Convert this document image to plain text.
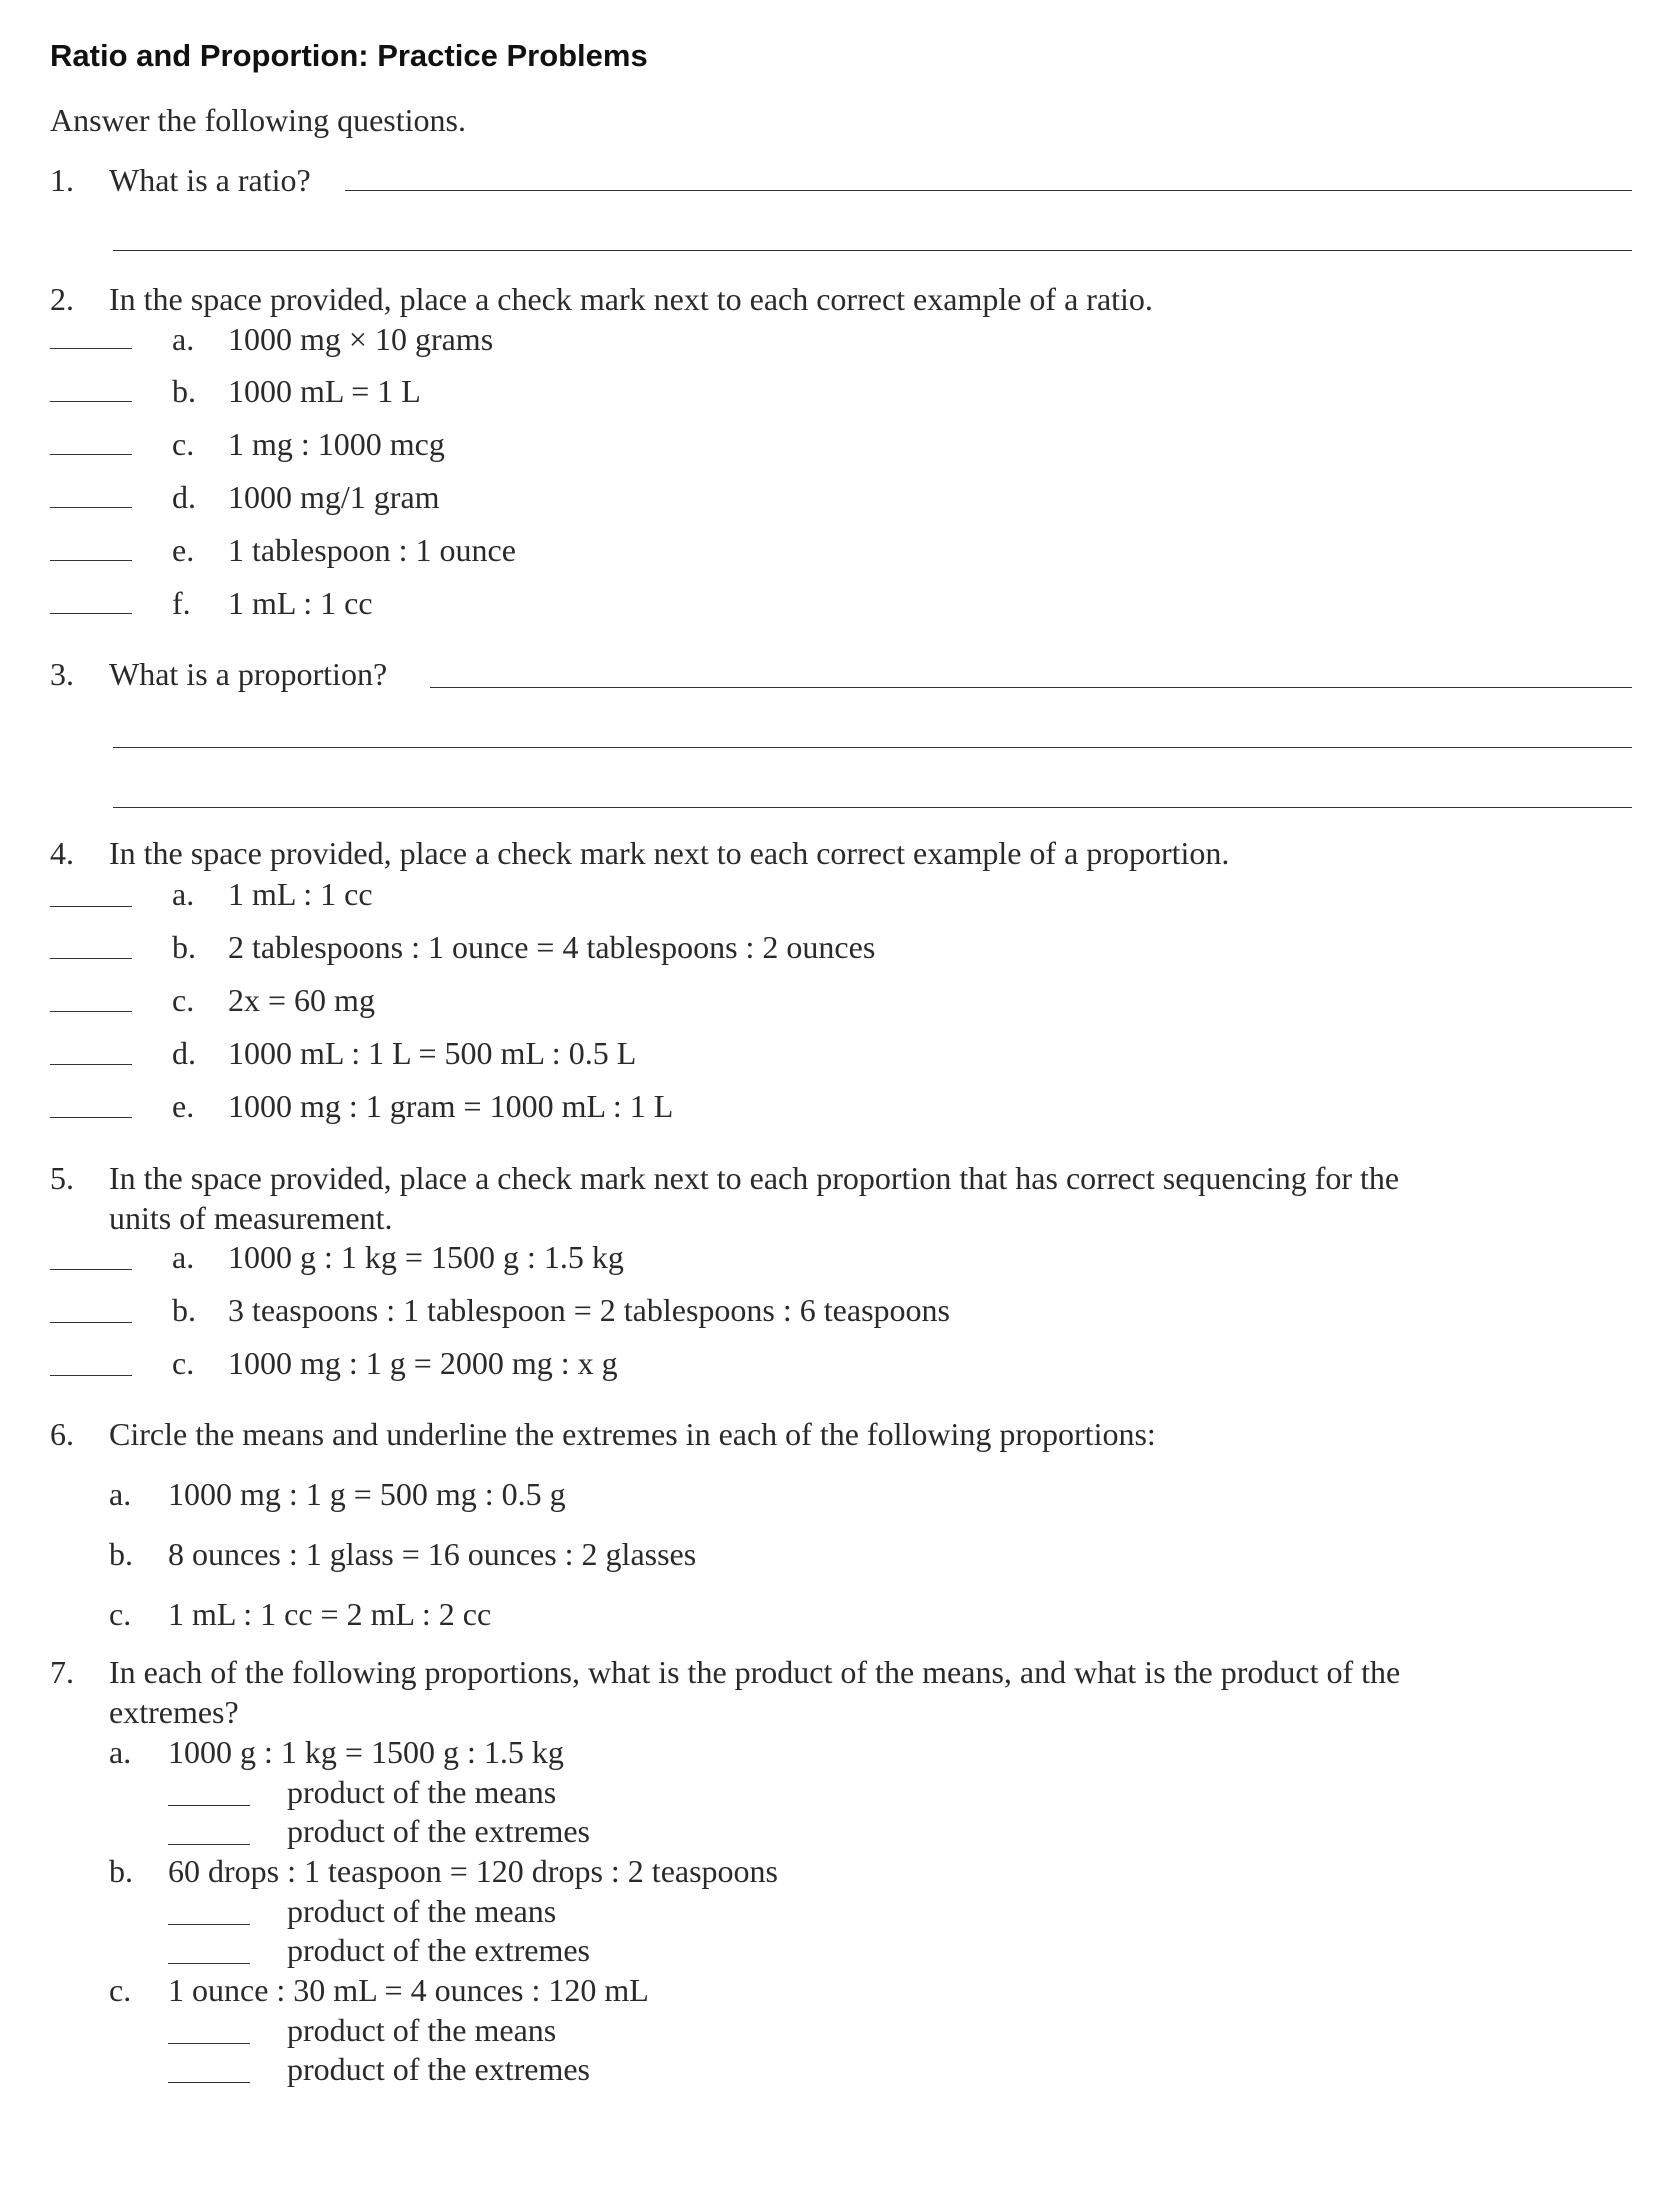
Ratio and Proportion: Practice Problems
Answer the following questions.
1. What is a ratio?
2. In the space provided, place a check mark next to each correct example of a ratio.
a. 1000 mg × 10 grams
b. 1000 mL = 1 L
c. 1 mg : 1000 mcg
d. 1000 mg/1 gram
e. 1 tablespoon : 1 ounce
f. 1 mL : 1 cc
3. What is a proportion?
4. In the space provided, place a check mark next to each correct example of a proportion.
a. 1 mL : 1 cc
b. 2 tablespoons : 1 ounce = 4 tablespoons : 2 ounces
c. 2x = 60 mg
d. 1000 mL : 1 L = 500 mL : 0.5 L
e. 1000 mg : 1 gram = 1000 mL : 1 L
5. In the space provided, place a check mark next to each proportion that has correct sequencing for the
units of measurement.
a. 1000 g : 1 kg = 1500 g : 1.5 kg
b. 3 teaspoons : 1 tablespoon = 2 tablespoons : 6 teaspoons
c. 1000 mg : 1 g = 2000 mg : x g
6. Circle the means and underline the extremes in each of the following proportions:
a. 1000 mg : 1 g = 500 mg : 0.5 g
b. 8 ounces : 1 glass = 16 ounces : 2 glasses
c. 1 mL : 1 cc = 2 mL : 2 cc
7. In each of the following proportions, what is the product of the means, and what is the product of the
extremes?
a. 1000 g : 1 kg = 1500 g : 1.5 kg
product of the means
product of the extremes
b. 60 drops : 1 teaspoon = 120 drops : 2 teaspoons
product of the means
product of the extremes
c. 1 ounce : 30 mL = 4 ounces : 120 mL
product of the means
product of the extremes
